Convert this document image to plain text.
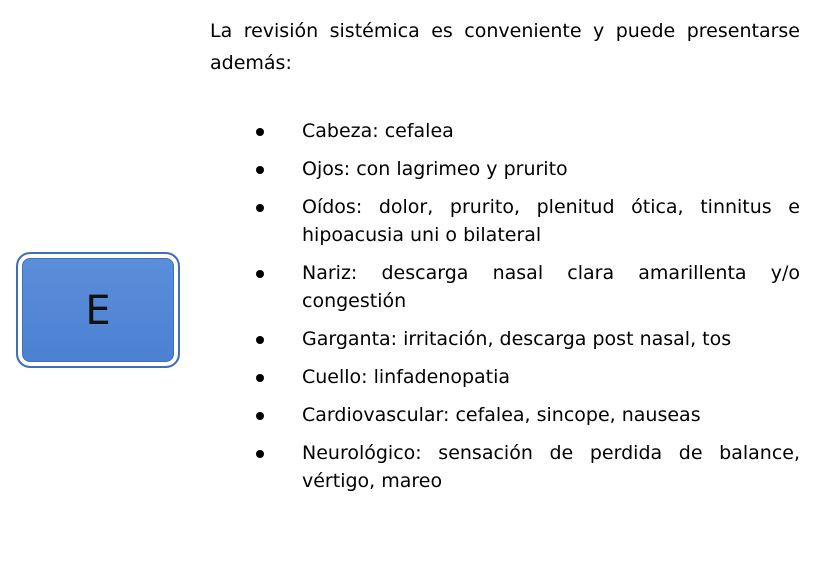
E

La revisión sistémica es conveniente y puede presentarse además:

Cabeza: cefalea
Ojos: con lagrimeo y prurito
Oídos: dolor, prurito, plenitud ótica, tinnitus e hipoacusia uni o bilateral
Nariz: descarga nasal clara amarillenta y/o congestión
Garganta: irritación, descarga post nasal, tos
Cuello: linfadenopatia
Cardiovascular: cefalea, sincope, nauseas
Neurológico: sensación de perdida de balance, vértigo, mareo
